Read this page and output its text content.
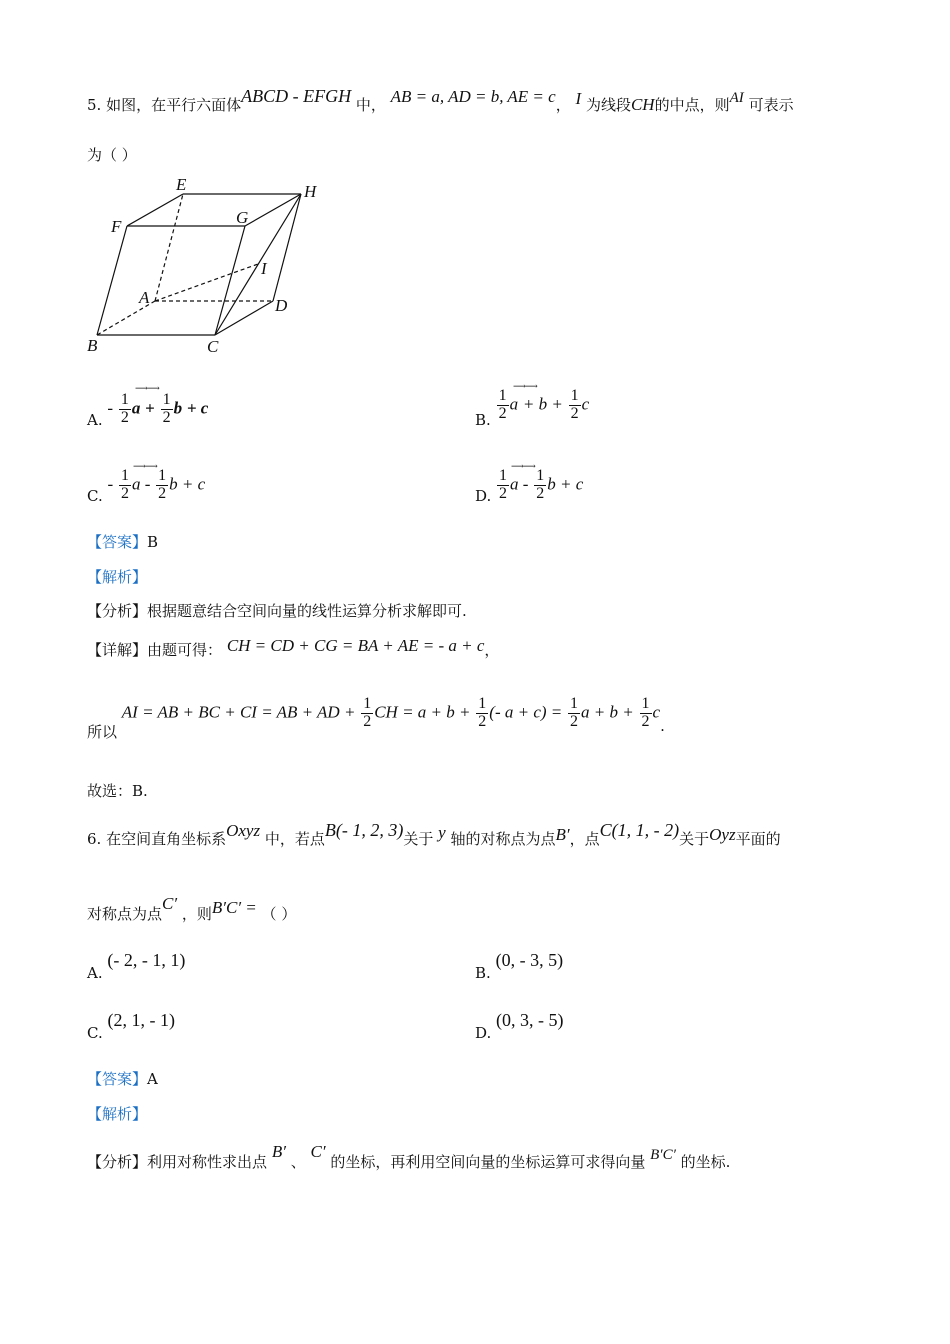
5. 如图，在平行六面体ABCD - EFGH 中， AB = a, AD = b, AE = c， I 为线段CH的中点，则AI 可表示
为（ ）
E	H
F	G
I
A	D
B	C
⟶⟶
A. - $\frac{1}{2}$ $a + \frac{1}{2}$ b + c
⟶⟶
B. $\frac{1}{2}$ $a + b + \frac{1}{2}$ c
⟶⟶
C. - $\frac{1}{2}$ a - $\frac{1}{2}$ b + c
⟶⟶
D. $\frac{1}{2}$ a - $\frac{1}{2}$ b + c
【答案】B
【解析】
【分析】根据题意结合空间向量的线性运算分析求解即可.
【详解】由题可得： CH = CD + CG = BA + AE = - a + c，
所以 AI = AB + BC + CI = AB + AD + $\frac{1}{2}$ CH = $a + b + \frac{1}{2}$ (- $a + c) = \frac{1}{2}$ $a + b + \frac{1}{2} c$.
故选：B.
6. 在空间直角坐标系Oxyz 中，若点B(- 1, 2, 3)关于 y 轴的对称点为点B′，点C(1, 1, - 2)关于Oyz平面的
对称点为点C′ ，则B′C′ = （ ）
A. (- 2, - 1, 1)
B. (0, - 3, 5)
C. (2, 1, - 1)
D. (0, 3, - 5)
【答案】A
【解析】
【分析】利用对称性求出点 B′ 、 C′ 的坐标，再利用空间向量的坐标运算可求得向量 B′C′ 的坐标.
